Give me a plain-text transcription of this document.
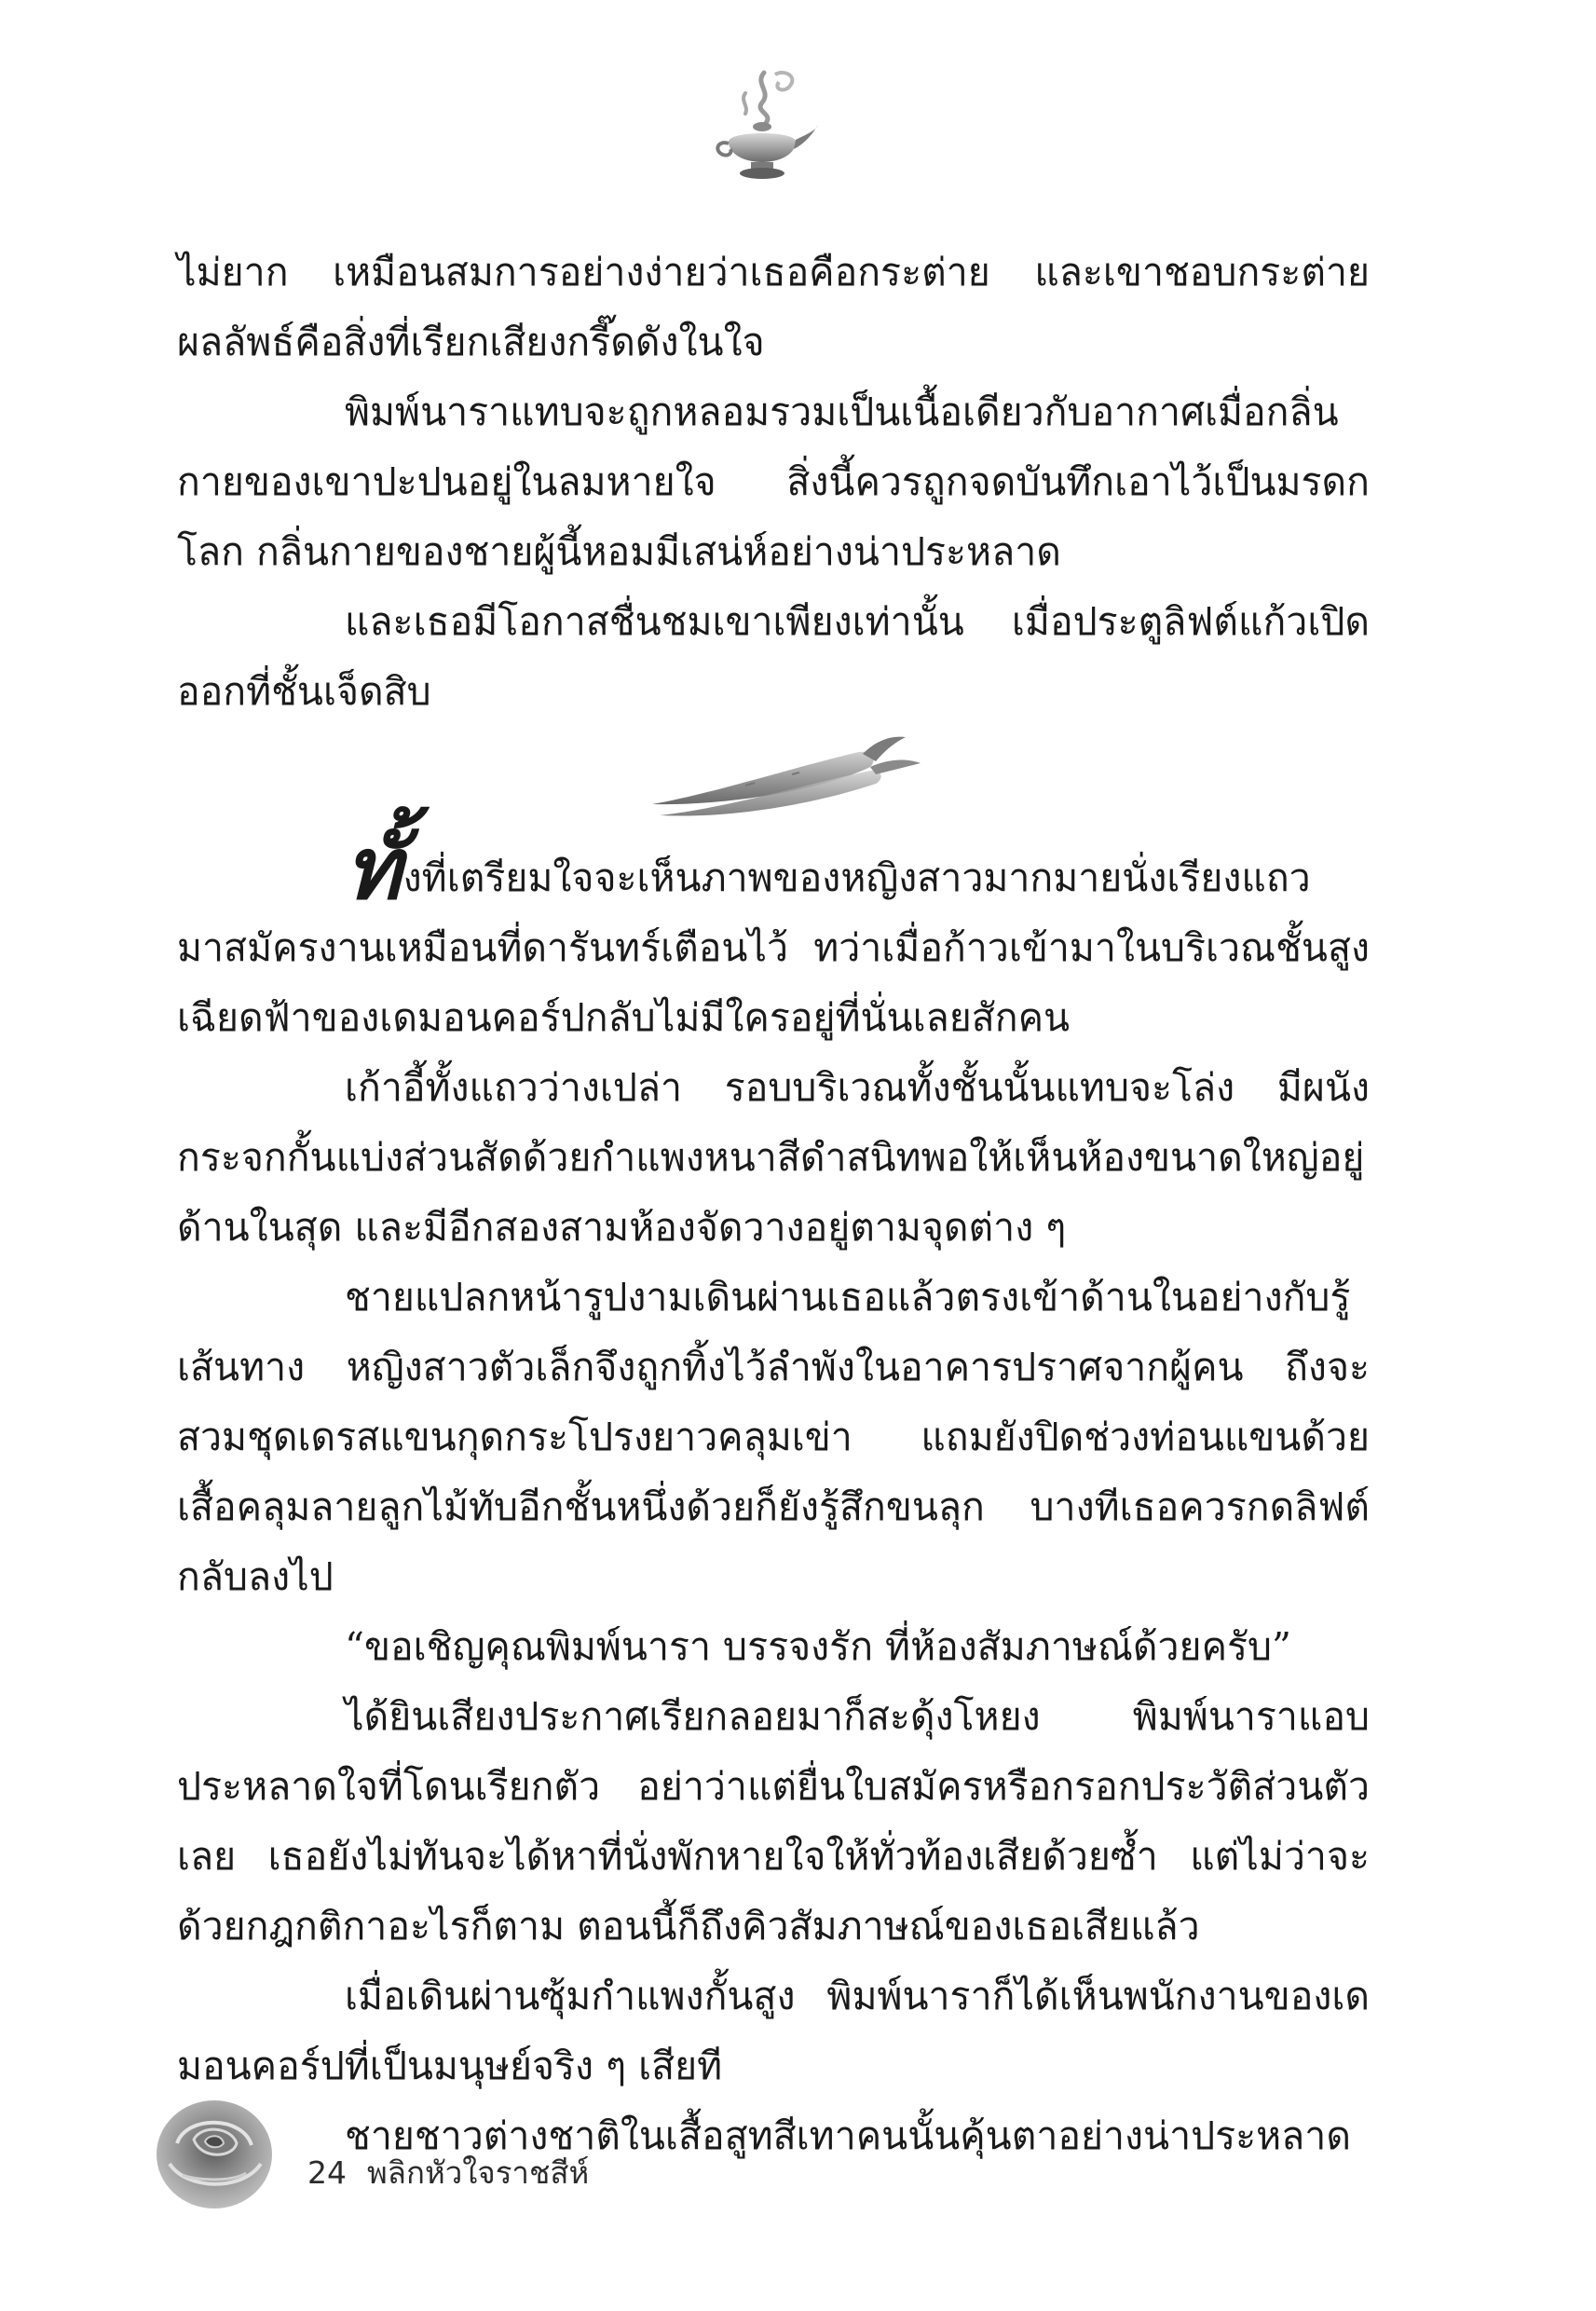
ไม่ยาก เหมือนสมการอย่างง่ายว่าเธอคือกระต่าย และเขาชอบกระต่าย ผลลัพธ์คือสิ่งที่เรียกเสียงกรี๊ดดังในใจ

พิมพ์นาราแทบจะถูกหลอมรวมเป็นเนื้อเดียวกับอากาศเมื่อกลิ่นกายของเขาปะปนอยู่ในลมหายใจ สิ่งนี้ควรถูกจดบันทึกเอาไว้เป็นมรดกโลก กลิ่นกายของชายผู้นี้หอมมีเสน่ห์อย่างน่าประหลาด

และเธอมีโอกาสชื่นชมเขาเพียงเท่านั้น เมื่อประตูลิฟต์แก้วเปิดออกที่ชั้นเจ็ดสิบ

ทั้งที่เตรียมใจจะเห็นภาพของหญิงสาวมากมายนั่งเรียงแถวมาสมัครงานเหมือนที่ดารันทร์เตือนไว้ ทว่าเมื่อก้าวเข้ามาในบริเวณชั้นสูงเฉียดฟ้าของเดมอนคอร์ปกลับไม่มีใครอยู่ที่นั่นเลยสักคน

เก้าอี้ทั้งแถวว่างเปล่า รอบบริเวณทั้งชั้นนั้นแทบจะโล่ง มีผนังกระจกกั้นแบ่งส่วนสัดด้วยกำแพงหนาสีดำสนิทพอให้เห็นห้องขนาดใหญ่อยู่ด้านในสุด และมีอีกสองสามห้องจัดวางอยู่ตามจุดต่าง ๆ

ชายแปลกหน้ารูปงามเดินผ่านเธอแล้วตรงเข้าด้านในอย่างกับรู้เส้นทาง หญิงสาวตัวเล็กจึงถูกทิ้งไว้ลำพังในอาคารปราศจากผู้คน ถึงจะสวมชุดเดรสแขนกุดกระโปรงยาวคลุมเข่า แถมยังปิดช่วงท่อนแขนด้วยเสื้อคลุมลายลูกไม้ทับอีกชั้นหนึ่งด้วยก็ยังรู้สึกขนลุก บางทีเธอควรกดลิฟต์กลับลงไป

“ขอเชิญคุณพิมพ์นารา บรรจงรัก ที่ห้องสัมภาษณ์ด้วยครับ”

ได้ยินเสียงประกาศเรียกลอยมาก็สะดุ้งโหยง พิมพ์นาราแอบประหลาดใจที่โดนเรียกตัว อย่าว่าแต่ยื่นใบสมัครหรือกรอกประวัติส่วนตัวเลย เธอยังไม่ทันจะได้หาที่นั่งพักหายใจให้ทั่วท้องเสียด้วยซ้ำ แต่ไม่ว่าจะด้วยกฎกติกาอะไรก็ตาม ตอนนี้ก็ถึงคิวสัมภาษณ์ของเธอเสียแล้ว

เมื่อเดินผ่านซุ้มกำแพงกั้นสูง พิมพ์นาราก็ได้เห็นพนักงานของเดมอนคอร์ปที่เป็นมนุษย์จริง ๆ เสียที

ชายชาวต่างชาติในเสื้อสูทสีเทาคนนั้นคุ้นตาอย่างน่าประหลาด

24 พลิกหัวใจราชสีห์
